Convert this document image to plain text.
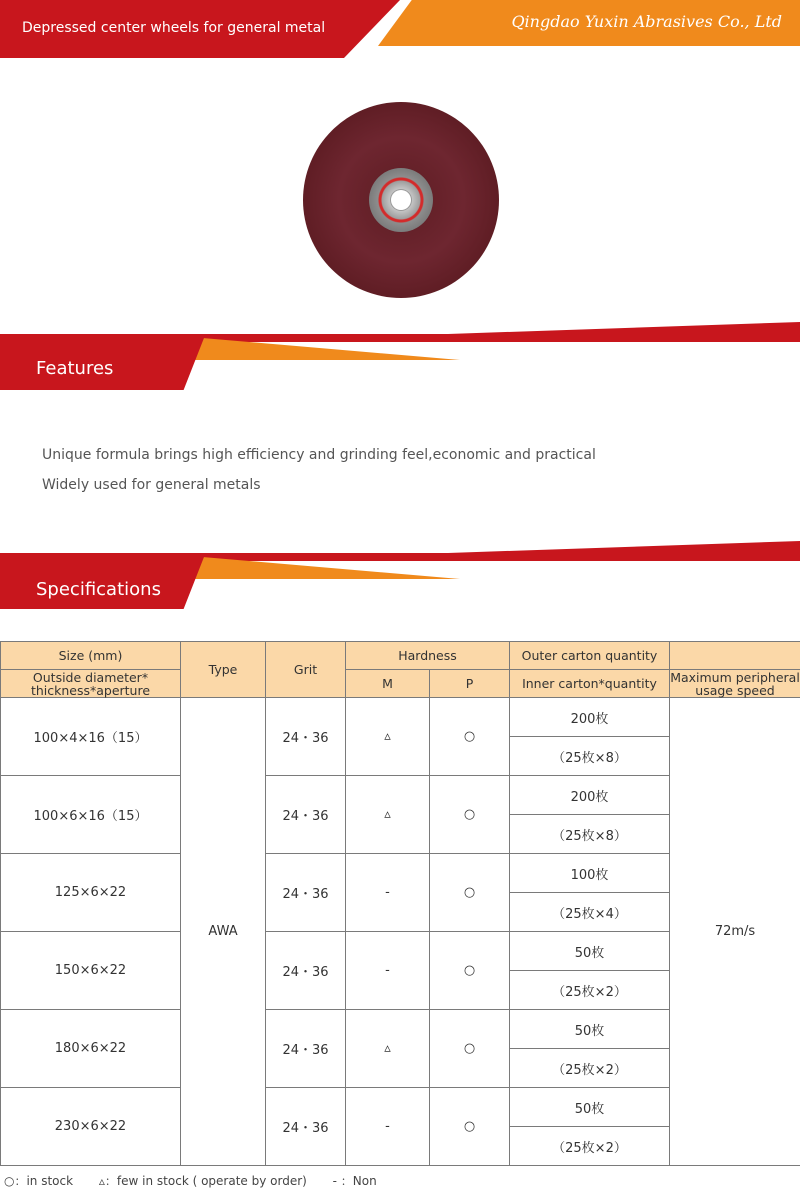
Depressed center wheels for general metal	Qingdao Yuxin Abrasives Co., Ltd
Features
Unique formula brings high efficiency and grinding feel,economic and practical
Widely used for general metals
Specifications
Size (mm)	Type	Grit	Hardness		Outer carton quantity	
Outside diameter* thickness*aperture			M	P	Inner carton*quantity	Maximum peripheral usage speed
100×4×16（15）	AWA	24・36	▵	○	200枚	72m/s
					（25枚×8）	
100×6×16（15）		24・36	▵	○	200枚	
					（25枚×8）	
125×6×22		24・36	-	○	100枚	
					（25枚×4）	
150×6×22		24・36	-	○	50枚	
					（25枚×2）	
180×6×22		24・36	▵	○	50枚	
					（25枚×2）	
230×6×22		24・36	-	○	50枚	
					（25枚×2）	
○：in stock ▵：few in stock ( operate by order) - ：Non
